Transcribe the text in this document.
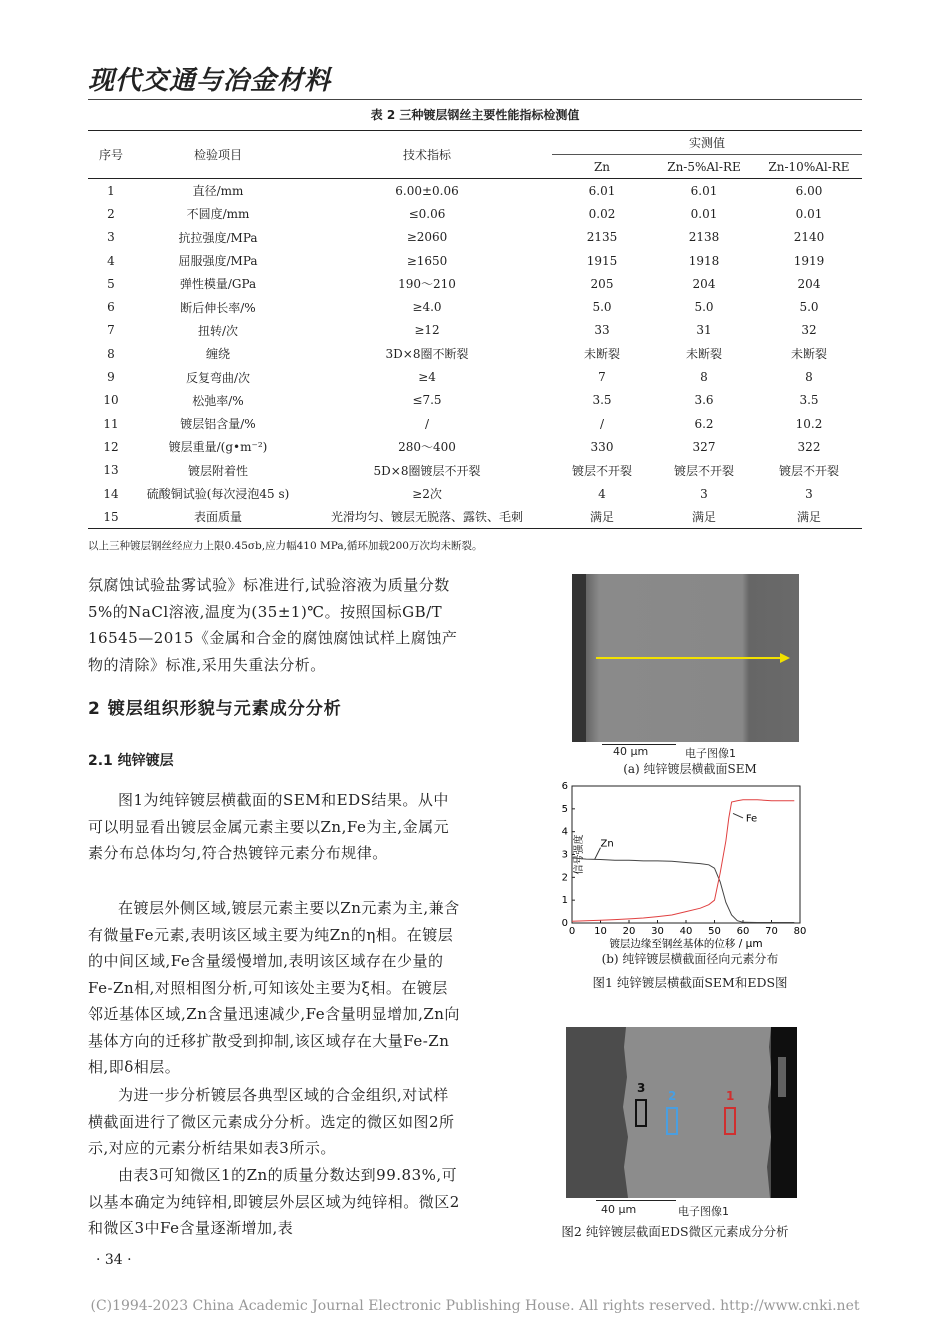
现代交通与冶金材料
表 2 三种镀层钢丝主要性能指标检测值
序号	检验项目	技术指标	实测值		
			Zn	Zn-5%Al-RE	Zn-10%Al-RE
1	直径/mm	6.00±0.06	6.01	6.01	6.00
2	不圆度/mm	≤0.06	0.02	0.01	0.01
3	抗拉强度/MPa	≥2060	2135	2138	2140
4	屈服强度/MPa	≥1650	1915	1918	1919
5	弹性模量/GPa	190～210	205	204	204
6	断后伸长率/%	≥4.0	5.0	5.0	5.0
7	扭转/次	≥12	33	31	32
8	缠绕	3D×8圈不断裂	未断裂	未断裂	未断裂
9	反复弯曲/次	≥4	7	8	8
10	松弛率/%	≤7.5	3.5	3.6	3.5
11	镀层铝含量/%	/	/	6.2	10.2
12	镀层重量/(g•m⁻²)	280～400	330	327	322
13	镀层附着性	5D×8圈镀层不开裂	镀层不开裂	镀层不开裂	镀层不开裂
14	硫酸铜试验(每次浸泡45 s)	≥2次	4	3	3
15	表面质量	光滑均匀、镀层无脱落、露铁、毛刺	满足	满足	满足
以上三种镀层钢丝经应力上限0.45σb,应力幅410 MPa,循环加载200万次均未断裂。
氛腐蚀试验盐雾试验》标准进行,试验溶液为质量分数5%的NaCl溶液,温度为(35±1)℃。按照国标GB/T 16545—2015《金属和合金的腐蚀腐蚀试样上腐蚀产物的清除》标准,采用失重法分析。
2 镀层组织形貌与元素成分分析
2.1 纯锌镀层
图1为纯锌镀层横截面的SEM和EDS结果。从中可以明显看出镀层金属元素主要以Zn,Fe为主,金属元素分布总体均匀,符合热镀锌元素分布规律。
在镀层外侧区域,镀层元素主要以Zn元素为主,兼含有微量Fe元素,表明该区域主要为纯Zn的η相。在镀层的中间区域,Fe含量缓慢增加,表明该区域存在少量的Fe-Zn相,对照相图分析,可知该处主要为ξ相。在镀层邻近基体区域,Zn含量迅速减少,Fe含量明显增加,Zn向基体方向的迁移扩散受到抑制,该区域存在大量Fe-Zn相,即δ相层。
为进一步分析镀层各典型区域的合金组织,对试样横截面进行了微区元素成分分析。选定的微区如图2所示,对应的元素分析结果如表3所示。
由表3可知微区1的Zn的质量分数达到99.83%,可以基本确定为纯锌相,即镀层外层区域为纯锌相。微区2和微区3中Fe含量逐渐增加,表
40 μm	电子图像1
(a) 纯锌镀层横截面SEM
0 10 20 30 40 50 60 70 80
0
1
2
3
4
5
6
信号强度
镀层边缘至钢丝基体的位移 / μm
Zn
Fe
(b) 纯锌镀层横截面径向元素分布
图1 纯锌镀层横截面SEM和EDS图
3
2	1
40 μm	电子图像1
图2 纯锌镀层截面EDS微区元素成分分析
· 34 ·
(C)1994-2023 China Academic Journal Electronic Publishing House. All rights reserved. http://www.cnki.net
